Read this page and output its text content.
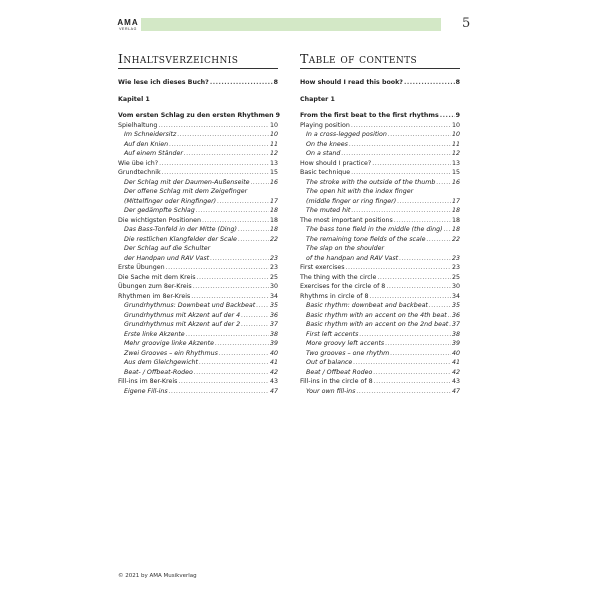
AMA
VERLAG	5
Inhaltsverzeichnis
Wie lese ich dieses Buch? .....	8
Kapitel 1
Vom ersten Schlag zu den ersten Rhythmen 9
Spielhaltung .....	10
Im Schneidersitz .....	10
Auf den Knien .....	11
Auf einem Ständer .....	12
Wie übe ich? .....	13
Grundtechnik .....	15
Der Schlag mit der Daumen-Außenseite .....	16
Der offene Schlag mit dem Zeigefinger
(Mittelfinger oder Ringfinger) .....	17
Der gedämpfte Schlag .....	18
Die wichtigsten Positionen .....	18
Das Bass-Tonfeld in der Mitte (Ding) .....	18
Die restlichen Klangfelder der Scale .....	22
Der Schlag auf die Schulter
der Handpan und RAV Vast .....	23
Erste Übungen .....	23
Die Sache mit dem Kreis .....	25
Übungen zum 8er-Kreis .....	30
Rhythmen im 8er-Kreis .....	34
Grundrhythmus: Downbeat und Backbeat ..... 35
Grundrhythmus mit Akzent auf der 4 .....	36
Grundrhythmus mit Akzent auf der 2 .....	37
Erste linke Akzente .....	38
Mehr groovige linke Akzente .....	39
Zwei Grooves – ein Rhythmus .....	40
Aus dem Gleichgewicht .....	41
Beat- / Offbeat-Rodeo .....	42
Fill-ins im 8er-Kreis .....	43
Eigene Fill-ins .....	47
Table of contents
How should I read this book? .....	8
Chapter 1
From the first beat to the first rhythms .....	9
Playing position .....	10
In a cross-legged position .....	10
On the knees .....	11
On a stand .....	12
How should I practice? .....	13
Basic technique .....	15
The stroke with the outside of the thumb .....	16
The open hit with the index finger
(middle finger or ring finger) .....	17
The muted hit .....	18
The most important positions .....	18
The bass tone field in the middle (the ding) ..... 18
The remaining tone fields of the scale .....	22
The slap on the shoulder
of the handpan and RAV Vast .....	23
First exercises .....	23
The thing with the circle .....	25
Exercises for the circle of 8 .....	30
Rhythms in circle of 8 .....	34
Basic rhythm: downbeat and backbeat .....	35
Basic rhythm with an accent on the 4th beat ..... 36
Basic rhythm with an accent on the 2nd beat ..... 37
First left accents .....	38
More groovy left accents .....	39
Two grooves – one rhythm .....	40
Out of balance .....	41
Beat / Offbeat Rodeo .....	42
Fill-ins in the circle of 8 .....	43
Your own fill-ins .....	47
© 2021 by AMA Musikverlag
